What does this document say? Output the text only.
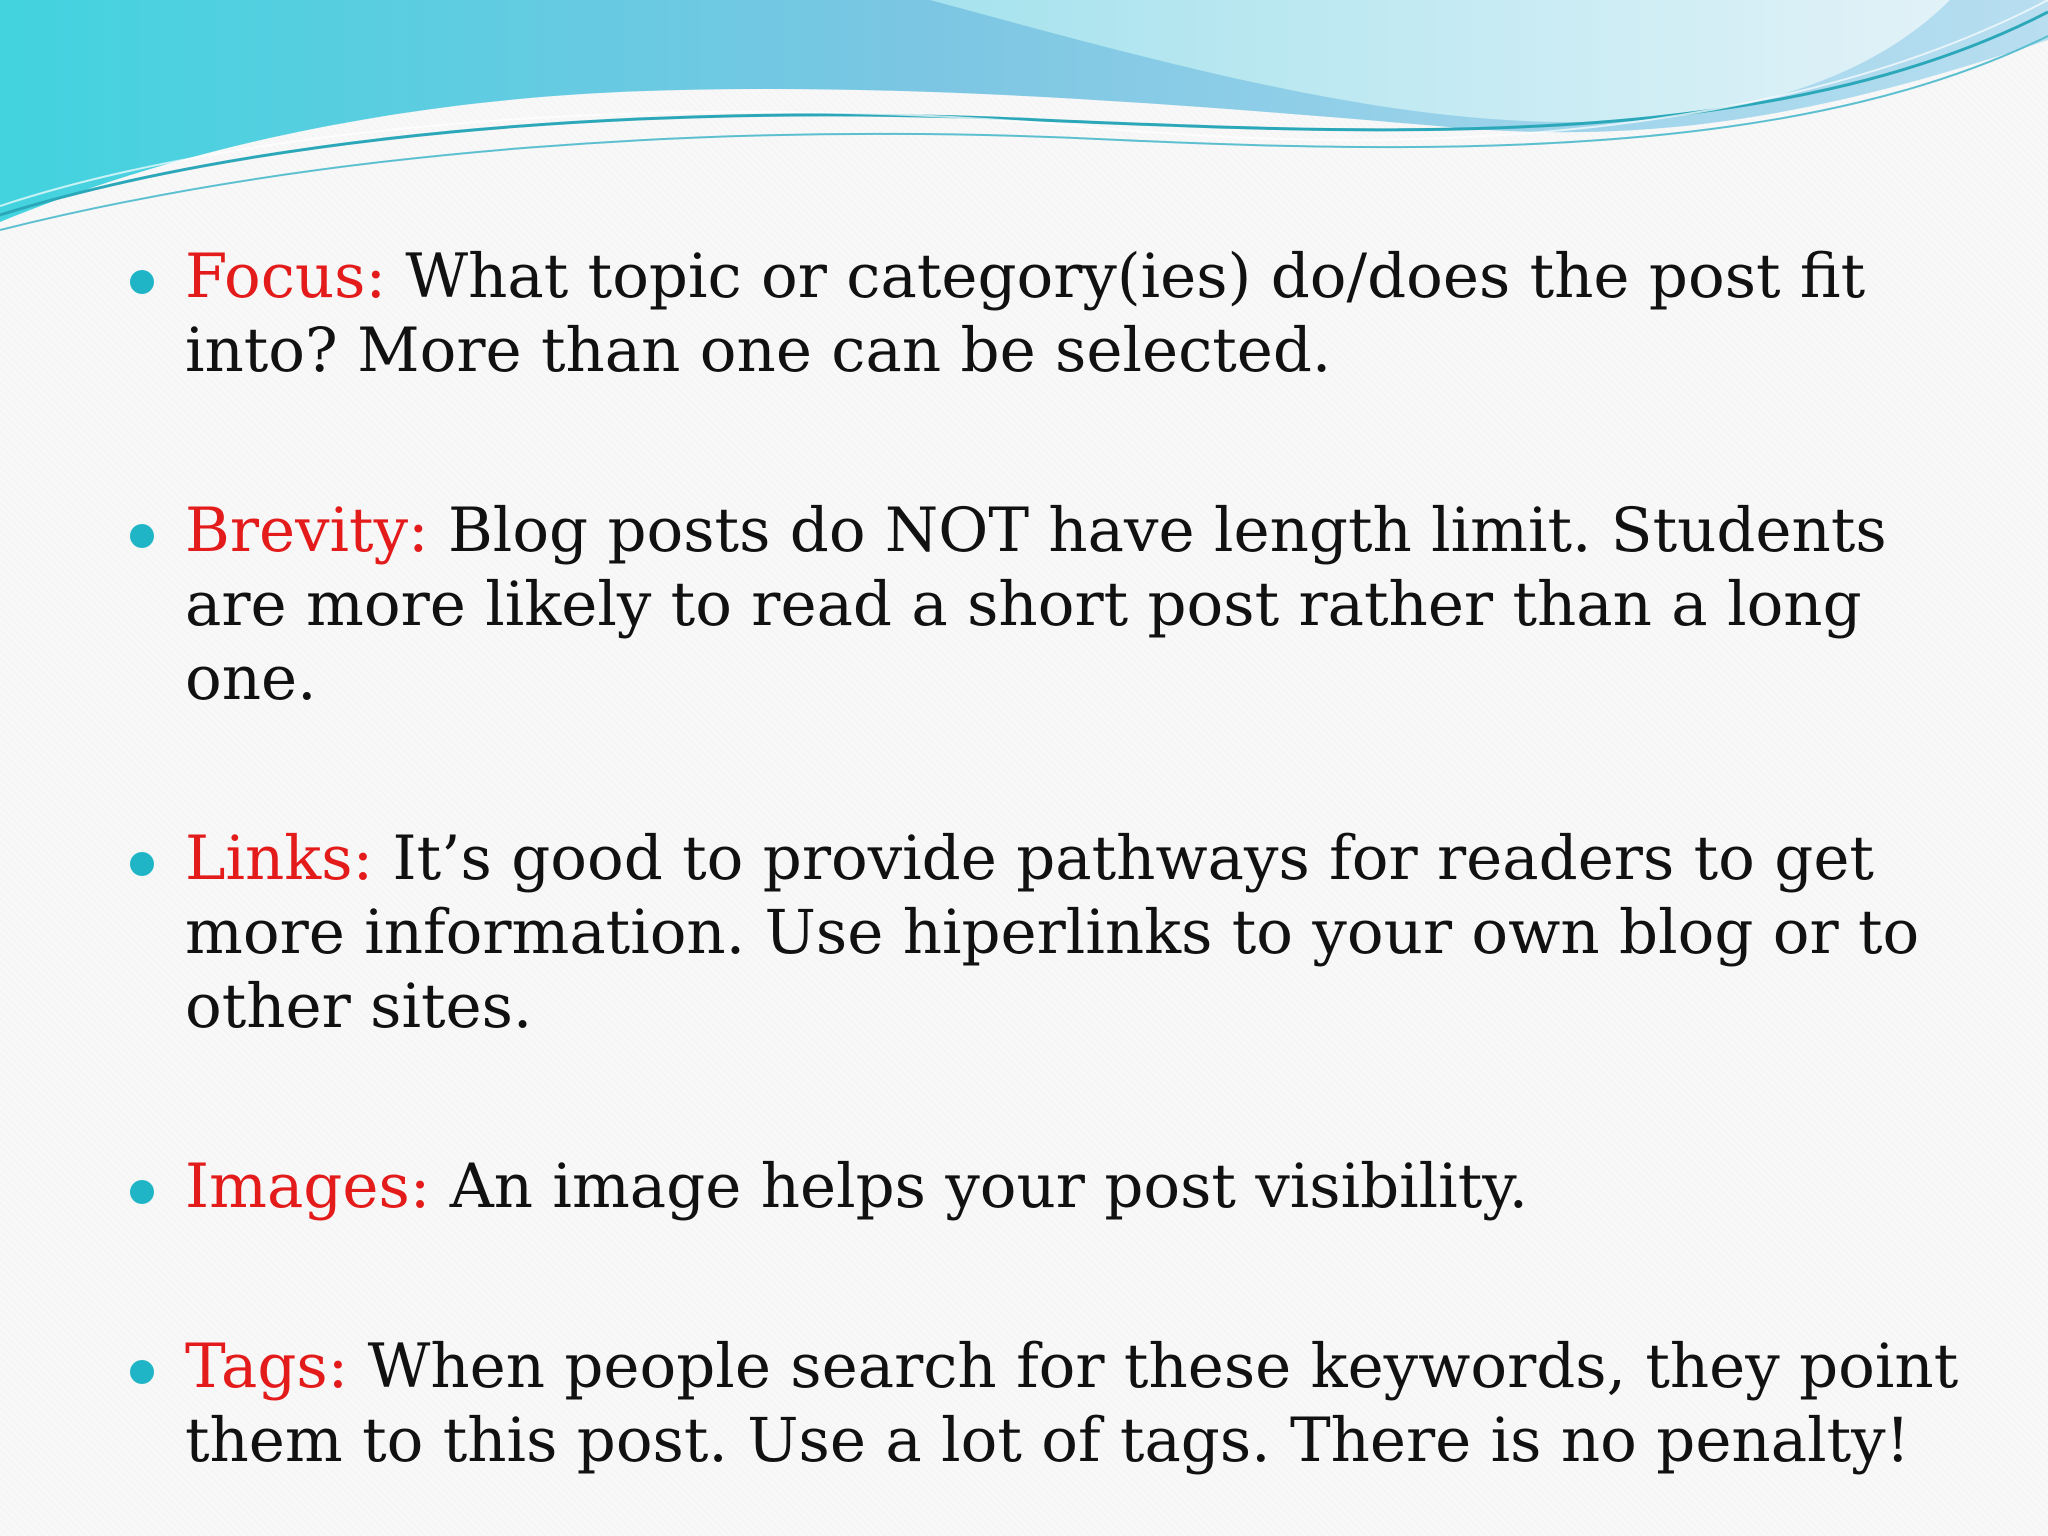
Focus: What topic or category(ies) do/does the post fit into? More than one can be selected.
Brevity: Blog posts do NOT have length limit. Students are more likely to read a short post rather than a long one.
Links: It’s good to provide pathways for readers to get more information. Use hiperlinks to your own blog or to other sites.
Images: An image helps your post visibility.
Tags: When people search for these keywords, they point them to this post. Use a lot of tags. There is no penalty!
